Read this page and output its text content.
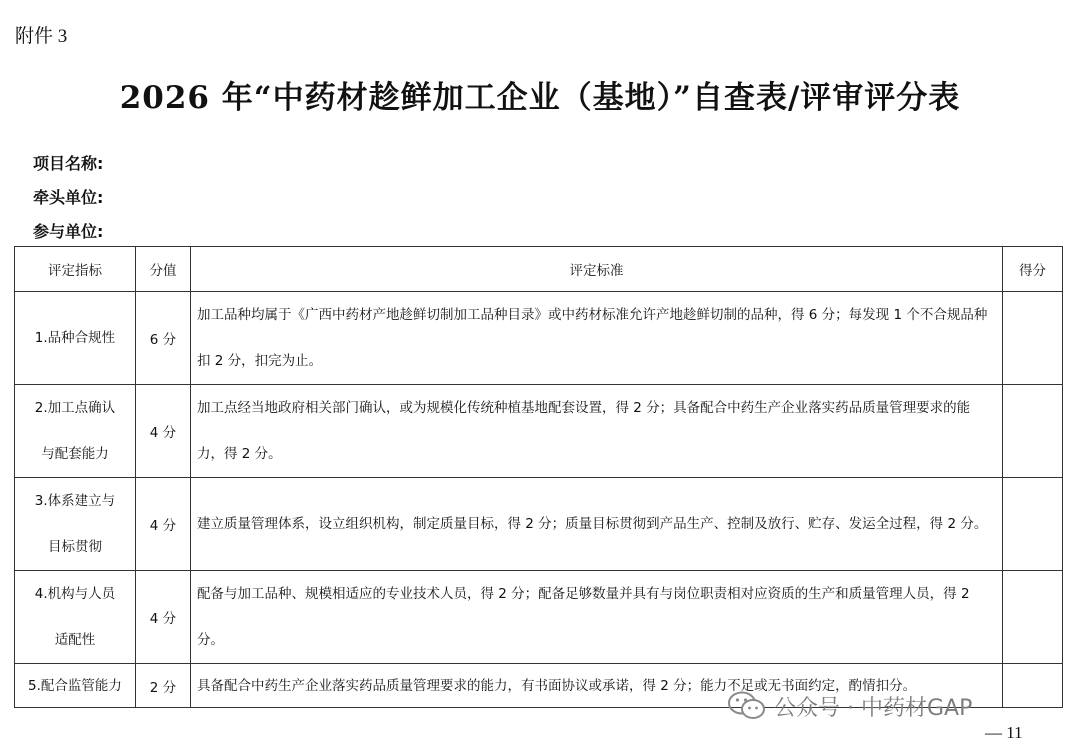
附件 3
2026 年“中药材趁鲜加工企业（基地）”自查表/评审评分表
项目名称:
牵头单位:
参与单位:
评定指标	分值	评定标准	得分
1.品种合规性	6 分	加工品种均属于《广西中药材产地趁鲜切制加工品种目录》或中药材标准允许产地趁鲜切制的品种，得 6 分；每发现 1 个不合规品种扣 2 分，扣完为止。	
2.加工点确认
与配套能力	4 分	加工点经当地政府相关部门确认，或为规模化传统种植基地配套设置，得 2 分；具备配合中药生产企业落实药品质量管理要求的能力，得 2 分。	
3.体系建立与
目标贯彻	4 分	建立质量管理体系，设立组织机构，制定质量目标，得 2 分；质量目标贯彻到产品生产、控制及放行、贮存、发运全过程，得 2 分。	
4.机构与人员
适配性	4 分	配备与加工品种、规模相适应的专业技术人员，得 2 分；配备足够数量并具有与岗位职责相对应资质的生产和质量管理人员，得 2 分。	
5.配合监管能力	2 分	具备配合中药生产企业落实药品质量管理要求的能力，有书面协议或承诺，得 2 分；能力不足或无书面约定，酌情扣分。	
公众号 · 中药材GAP
— 11
